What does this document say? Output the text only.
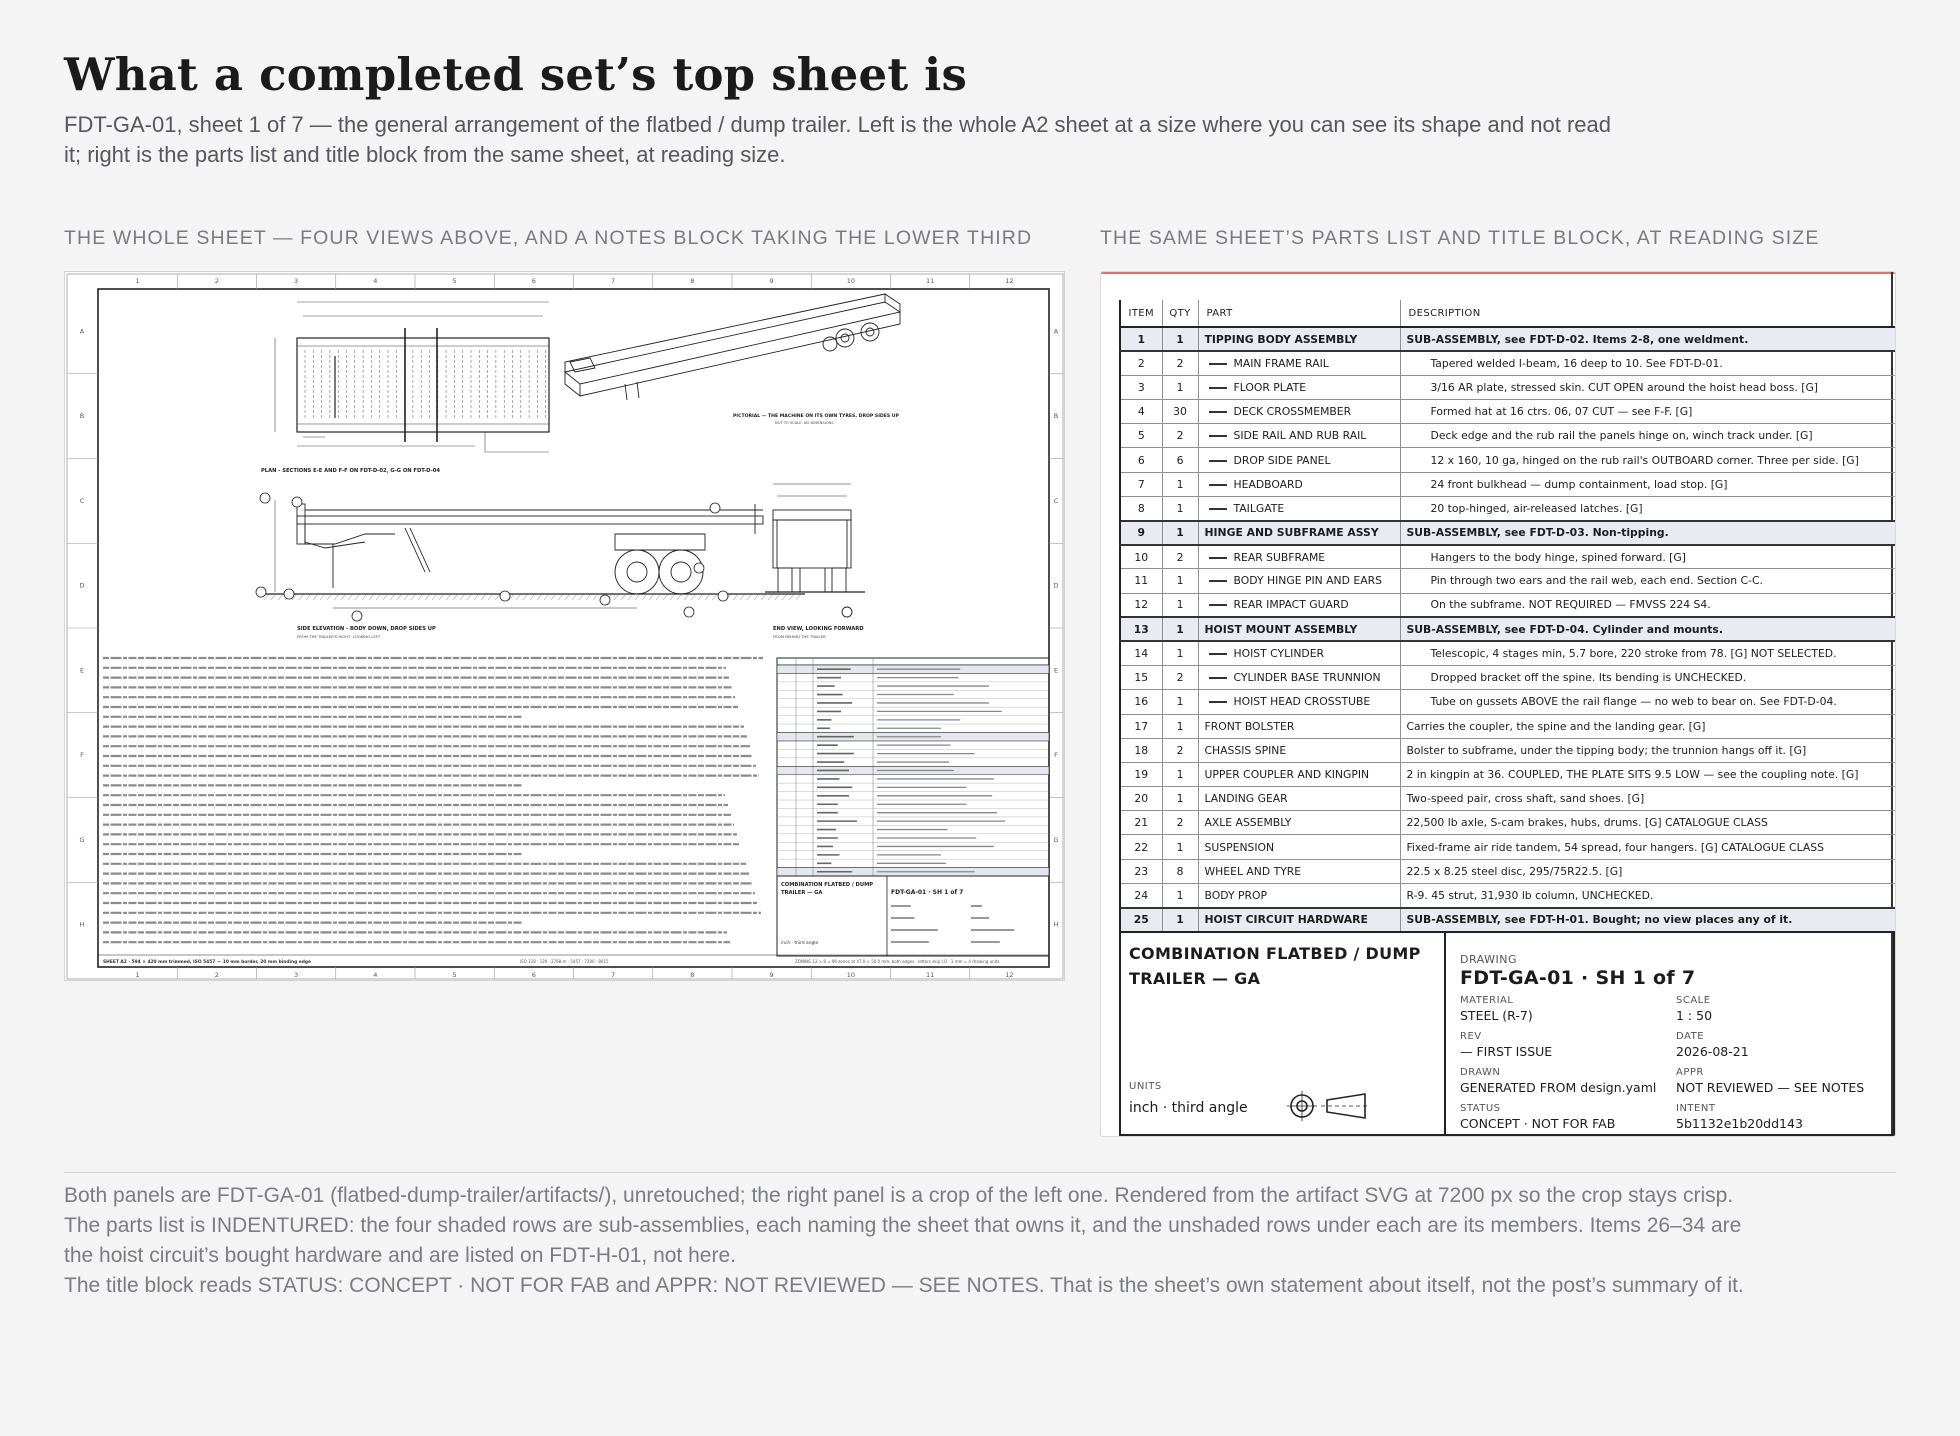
What a completed set’s top sheet is

FDT-GA-01, sheet 1 of 7 — the general arrangement of the flatbed / dump trailer. Left is the whole A2 sheet at a size where you can see its shape and not read it; right is the parts list and title block from the same sheet, at reading size.

THE WHOLE SHEET — FOUR VIEWS ABOVE, AND A NOTES BLOCK TAKING THE LOWER THIRD	THE SAME SHEET’S PARTS LIST AND TITLE BLOCK, AT READING SIZE
1
1
2
2
3
3
4
4
5
5
6
6
7
7
8
8
9
9
10
10
11
11
12
12
A	A
B	B
C	C
D	D
E	E
F	F
G	G
H	H
PLAN - SECTIONS E-E AND F-F ON FDT-D-02, G-G ON FDT-D-04
PICTORIAL — THE MACHINE ON ITS OWN TYRES, DROP SIDES UP
NOT TO SCALE. NO DIMENSIONS
SIDE ELEVATION - BODY DOWN, DROP SIDES UP
FROM THE TRAILER'S RIGHT, LOOKING LEFT
END VIEW, LOOKING FORWARD
FROM BEHIND THE TRAILER
COMBINATION FLATBED / DUMP
TRAILER — GA	FDT-GA-01 · SH 1 of 7
inch · third angle
SHEET A2 · 594 × 420 mm trimmed, ISO 5457 — 10 mm border, 20 mm binding edge	ISO 128 · 129 · 2768-m · 5457 · 7200 · 8015	ZONING 12 × 8 = 96 zones at 47.0 × 50.0 mm, both edges · letters skip I,O · 1 mm = 4 drawing units
ITEM	QTY	PART	DESCRIPTION
1	1	TIPPING BODY ASSEMBLY	SUB-ASSEMBLY, see FDT-D-02. Items 2-8, one weldment.
2	2	MAIN FRAME RAIL	Tapered welded I-beam, 16 deep to 10. See FDT-D-01.
3	1	FLOOR PLATE	3/16 AR plate, stressed skin. CUT OPEN around the hoist head boss. [G]
4	30	DECK CROSSMEMBER	Formed hat at 16 ctrs. 06, 07 CUT — see F-F. [G]
5	2	SIDE RAIL AND RUB RAIL	Deck edge and the rub rail the panels hinge on, winch track under. [G]
6	6	DROP SIDE PANEL	12 x 160, 10 ga, hinged on the rub rail's OUTBOARD corner. Three per side. [G]
7	1	HEADBOARD	24 front bulkhead — dump containment, load stop. [G]
8	1	TAILGATE	20 top-hinged, air-released latches. [G]
9	1	HINGE AND SUBFRAME ASSY	SUB-ASSEMBLY, see FDT-D-03. Non-tipping.
10	2	REAR SUBFRAME	Hangers to the body hinge, spined forward. [G]
11	1	BODY HINGE PIN AND EARS	Pin through two ears and the rail web, each end. Section C-C.
12	1	REAR IMPACT GUARD	On the subframe. NOT REQUIRED — FMVSS 224 S4.
13	1	HOIST MOUNT ASSEMBLY	SUB-ASSEMBLY, see FDT-D-04. Cylinder and mounts.
14	1	HOIST CYLINDER	Telescopic, 4 stages min, 5.7 bore, 220 stroke from 78. [G] NOT SELECTED.
15	2	CYLINDER BASE TRUNNION	Dropped bracket off the spine. Its bending is UNCHECKED.
16	1	HOIST HEAD CROSSTUBE	Tube on gussets ABOVE the rail flange — no web to bear on. See FDT-D-04.
17	1	FRONT BOLSTER	Carries the coupler, the spine and the landing gear. [G]
18	2	CHASSIS SPINE	Bolster to subframe, under the tipping body; the trunnion hangs off it. [G]
19	1	UPPER COUPLER AND KINGPIN	2 in kingpin at 36. COUPLED, THE PLATE SITS 9.5 LOW — see the coupling note. [G]
20	1	LANDING GEAR	Two-speed pair, cross shaft, sand shoes. [G]
21	2	AXLE ASSEMBLY	22,500 lb axle, S-cam brakes, hubs, drums. [G] CATALOGUE CLASS
22	1	SUSPENSION	Fixed-frame air ride tandem, 54 spread, four hangers. [G] CATALOGUE CLASS
23	8	WHEEL AND TYRE	22.5 x 8.25 steel disc, 295/75R22.5. [G]
24	1	BODY PROP	R-9. 45 strut, 31,930 lb column, UNCHECKED.
25	1	HOIST CIRCUIT HARDWARE	SUB-ASSEMBLY, see FDT-H-01. Bought; no view places any of it.
COMBINATION FLATBED / DUMP TRAILER — GA
UNITS
inch · third angle
DRAWING
FDT-GA-01 · SH 1 of 7
MATERIAL
STEEL (R-7)
SCALE
1 : 50
REV
— FIRST ISSUE
DATE
2026-08-21
DRAWN
GENERATED FROM design.yaml
APPR
NOT REVIEWED — SEE NOTES
STATUS
CONCEPT · NOT FOR FAB
INTENT
5b1132e1b20dd143

Both panels are FDT-GA-01 (flatbed-dump-trailer/artifacts/), unretouched; the right panel is a crop of the left one. Rendered from the artifact SVG at 7200 px so the crop stays crisp.

The parts list is INDENTURED: the four shaded rows are sub-assemblies, each naming the sheet that owns it, and the unshaded rows under each are its members. Items 26–34 are the hoist circuit’s bought hardware and are listed on FDT-H-01, not here.

The title block reads STATUS: CONCEPT · NOT FOR FAB and APPR: NOT REVIEWED — SEE NOTES. That is the sheet’s own statement about itself, not the post’s summary of it.
